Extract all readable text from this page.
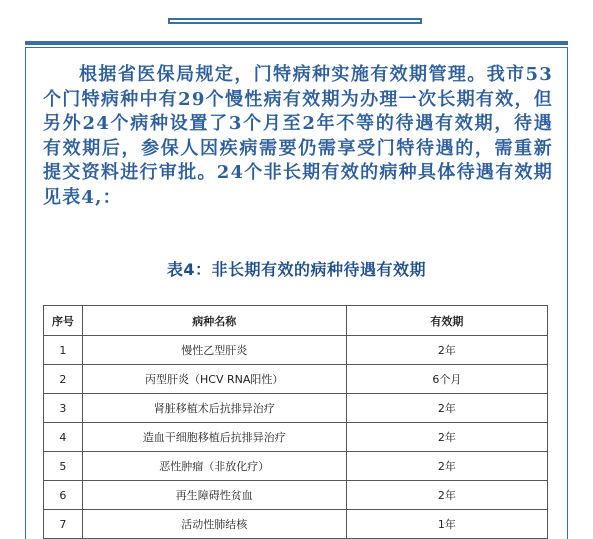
根据省医保局规定，门特病种实施有效期管理。我市53个门特病种中有29个慢性病有效期为办理一次长期有效，但另外24个病种设置了3个月至2年不等的待遇有效期，待遇有效期后，参保人因疾病需要仍需享受门特待遇的，需重新提交资料进行审批。24个非长期有效的病种具体待遇有效期见表4,：

表4：非长期有效的病种待遇有效期
序号	病种名称	有效期
1	慢性乙型肝炎	2年
2	丙型肝炎（HCV RNA阳性）	6个月
3	肾脏移植术后抗排异治疗	2年
4	造血干细胞移植后抗排异治疗	2年
5	恶性肿瘤（非放化疗）	2年
6	再生障碍性贫血	2年
7	活动性肺结核	1年
